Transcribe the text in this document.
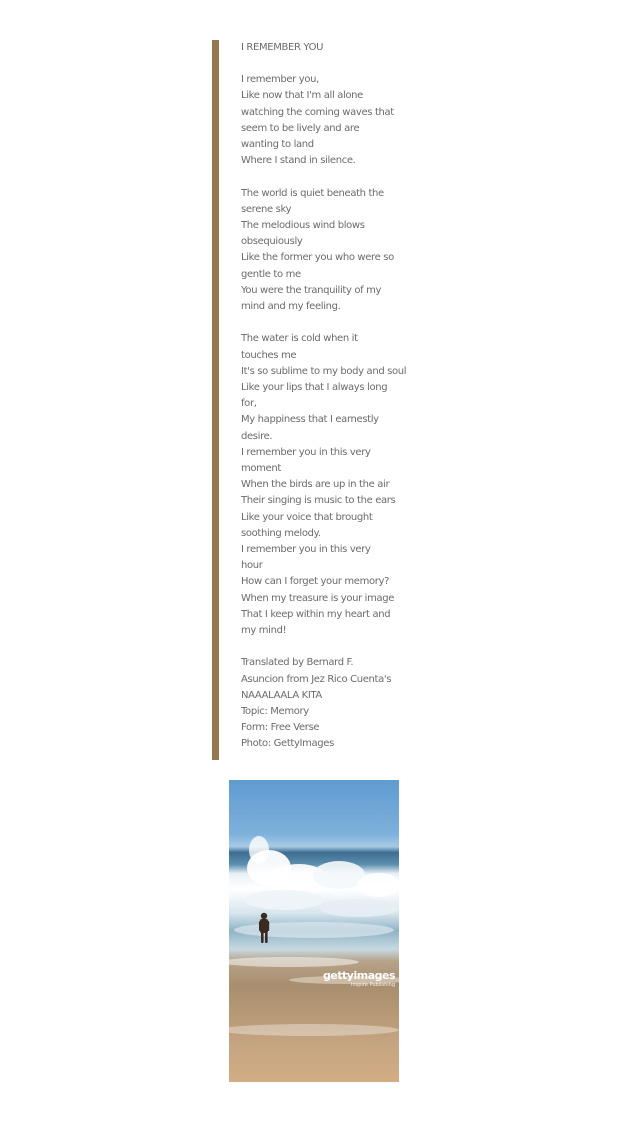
I REMEMBER YOU
I remember you,
Like now that I'm all alone
watching the coming waves that
seem to be lively and are
wanting to land
Where I stand in silence.
The world is quiet beneath the
serene sky
The melodious wind blows
obsequiously
Like the former you who were so
gentle to me
You were the tranquility of my
mind and my feeling.
The water is cold when it
touches me
It's so sublime to my body and soul
Like your lips that I always long
for,
My happiness that I earnestly
desire.
I remember you in this very
moment
When the birds are up in the air
Their singing is music to the ears
Like your voice that brought
soothing melody.
I remember you in this very
hour
How can I forget your memory?
When my treasure is your image
That I keep within my heart and
my mind!
Translated by Bernard F.
Asuncion from Jez Rico Cuenta's
NAAALAALA KITA
Topic: Memory
Form: Free Verse
Photo: GettyImages
gettyimages
Inspire Publishing
